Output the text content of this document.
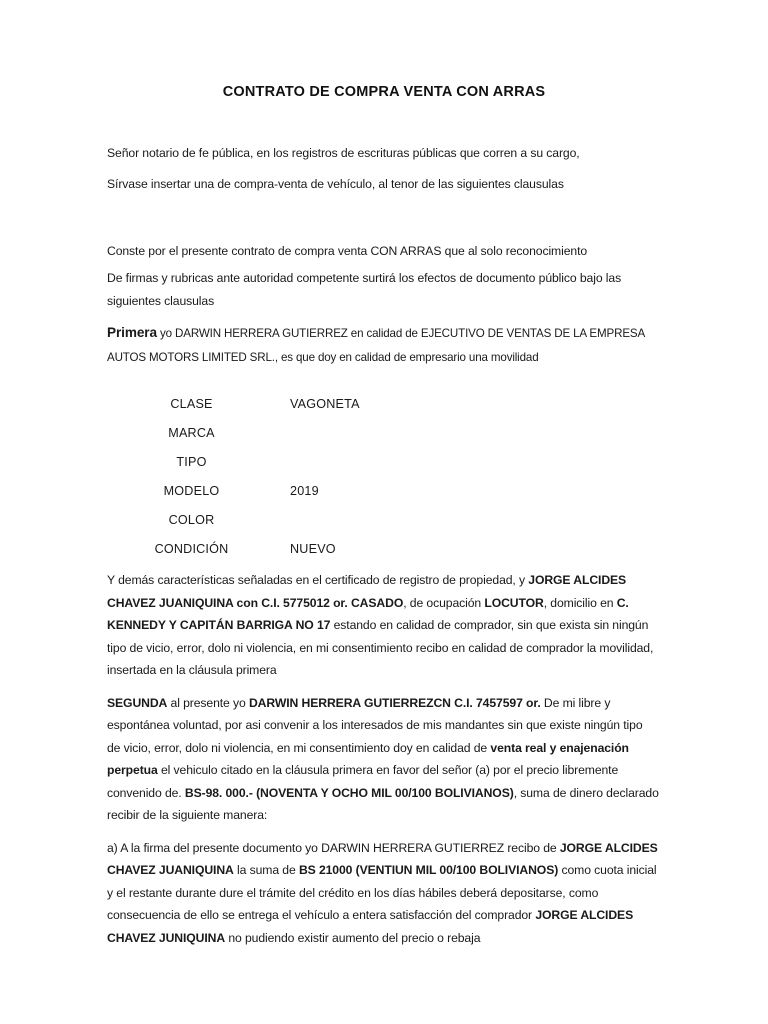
CONTRATO DE COMPRA VENTA CON ARRAS

Señor notario de fe pública, en los registros de escrituras públicas que corren a su cargo,

Sírvase insertar una de compra-venta de vehículo, al tenor de las siguientes clausulas

Conste por el presente contrato de compra venta CON ARRAS que al solo reconocimiento

De firmas y rubricas ante autoridad competente surtirá los efectos de documento público bajo las siguientes clausulas

Primera yo DARWIN HERRERA GUTIERREZ en calidad de EJECUTIVO DE VENTAS DE LA EMPRESA AUTOS MOTORS LIMITED SRL., es que doy en calidad de empresario una movilidad

CLASE	VAGONETA
MARCA
TIPO
MODELO	2019
COLOR
CONDICIÓN	NUEVO

Y demás características señaladas en el certificado de registro de propiedad, y JORGE ALCIDES CHAVEZ JUANIQUINA con C.I. 5775012 or. CASADO, de ocupación LOCUTOR, domicilio en C. KENNEDY Y CAPITÁN BARRIGA NO 17 estando en calidad de comprador, sin que exista sin ningún tipo de vicio, error, dolo ni violencia, en mi consentimiento recibo en calidad de comprador la movilidad, insertada en la cláusula primera

SEGUNDA al presente yo DARWIN HERRERA GUTIERREZCN C.I. 7457597 or. De mi libre y espontánea voluntad, por asi convenir a los interesados de mis mandantes sin que existe ningún tipo de vicio, error, dolo ni violencia, en mi consentimiento doy en calidad de venta real y enajenación perpetua el vehiculo citado en la cláusula primera en favor del señor (a) por el precio libremente convenido de. BS-98. 000.- (NOVENTA Y OCHO MIL 00/100 BOLIVIANOS), suma de dinero declarado recibir de la siguiente manera:

a) A la firma del presente documento yo DARWIN HERRERA GUTIERREZ recibo de JORGE ALCIDES CHAVEZ JUANIQUINA la suma de BS 21000 (VENTIUN MIL 00/100 BOLIVIANOS) como cuota inicial y el restante durante dure el trámite del crédito en los días hábiles deberá depositarse, como consecuencia de ello se entrega el vehículo a entera satisfacción del comprador JORGE ALCIDES CHAVEZ JUNIQUINA no pudiendo existir aumento del precio o rebaja
